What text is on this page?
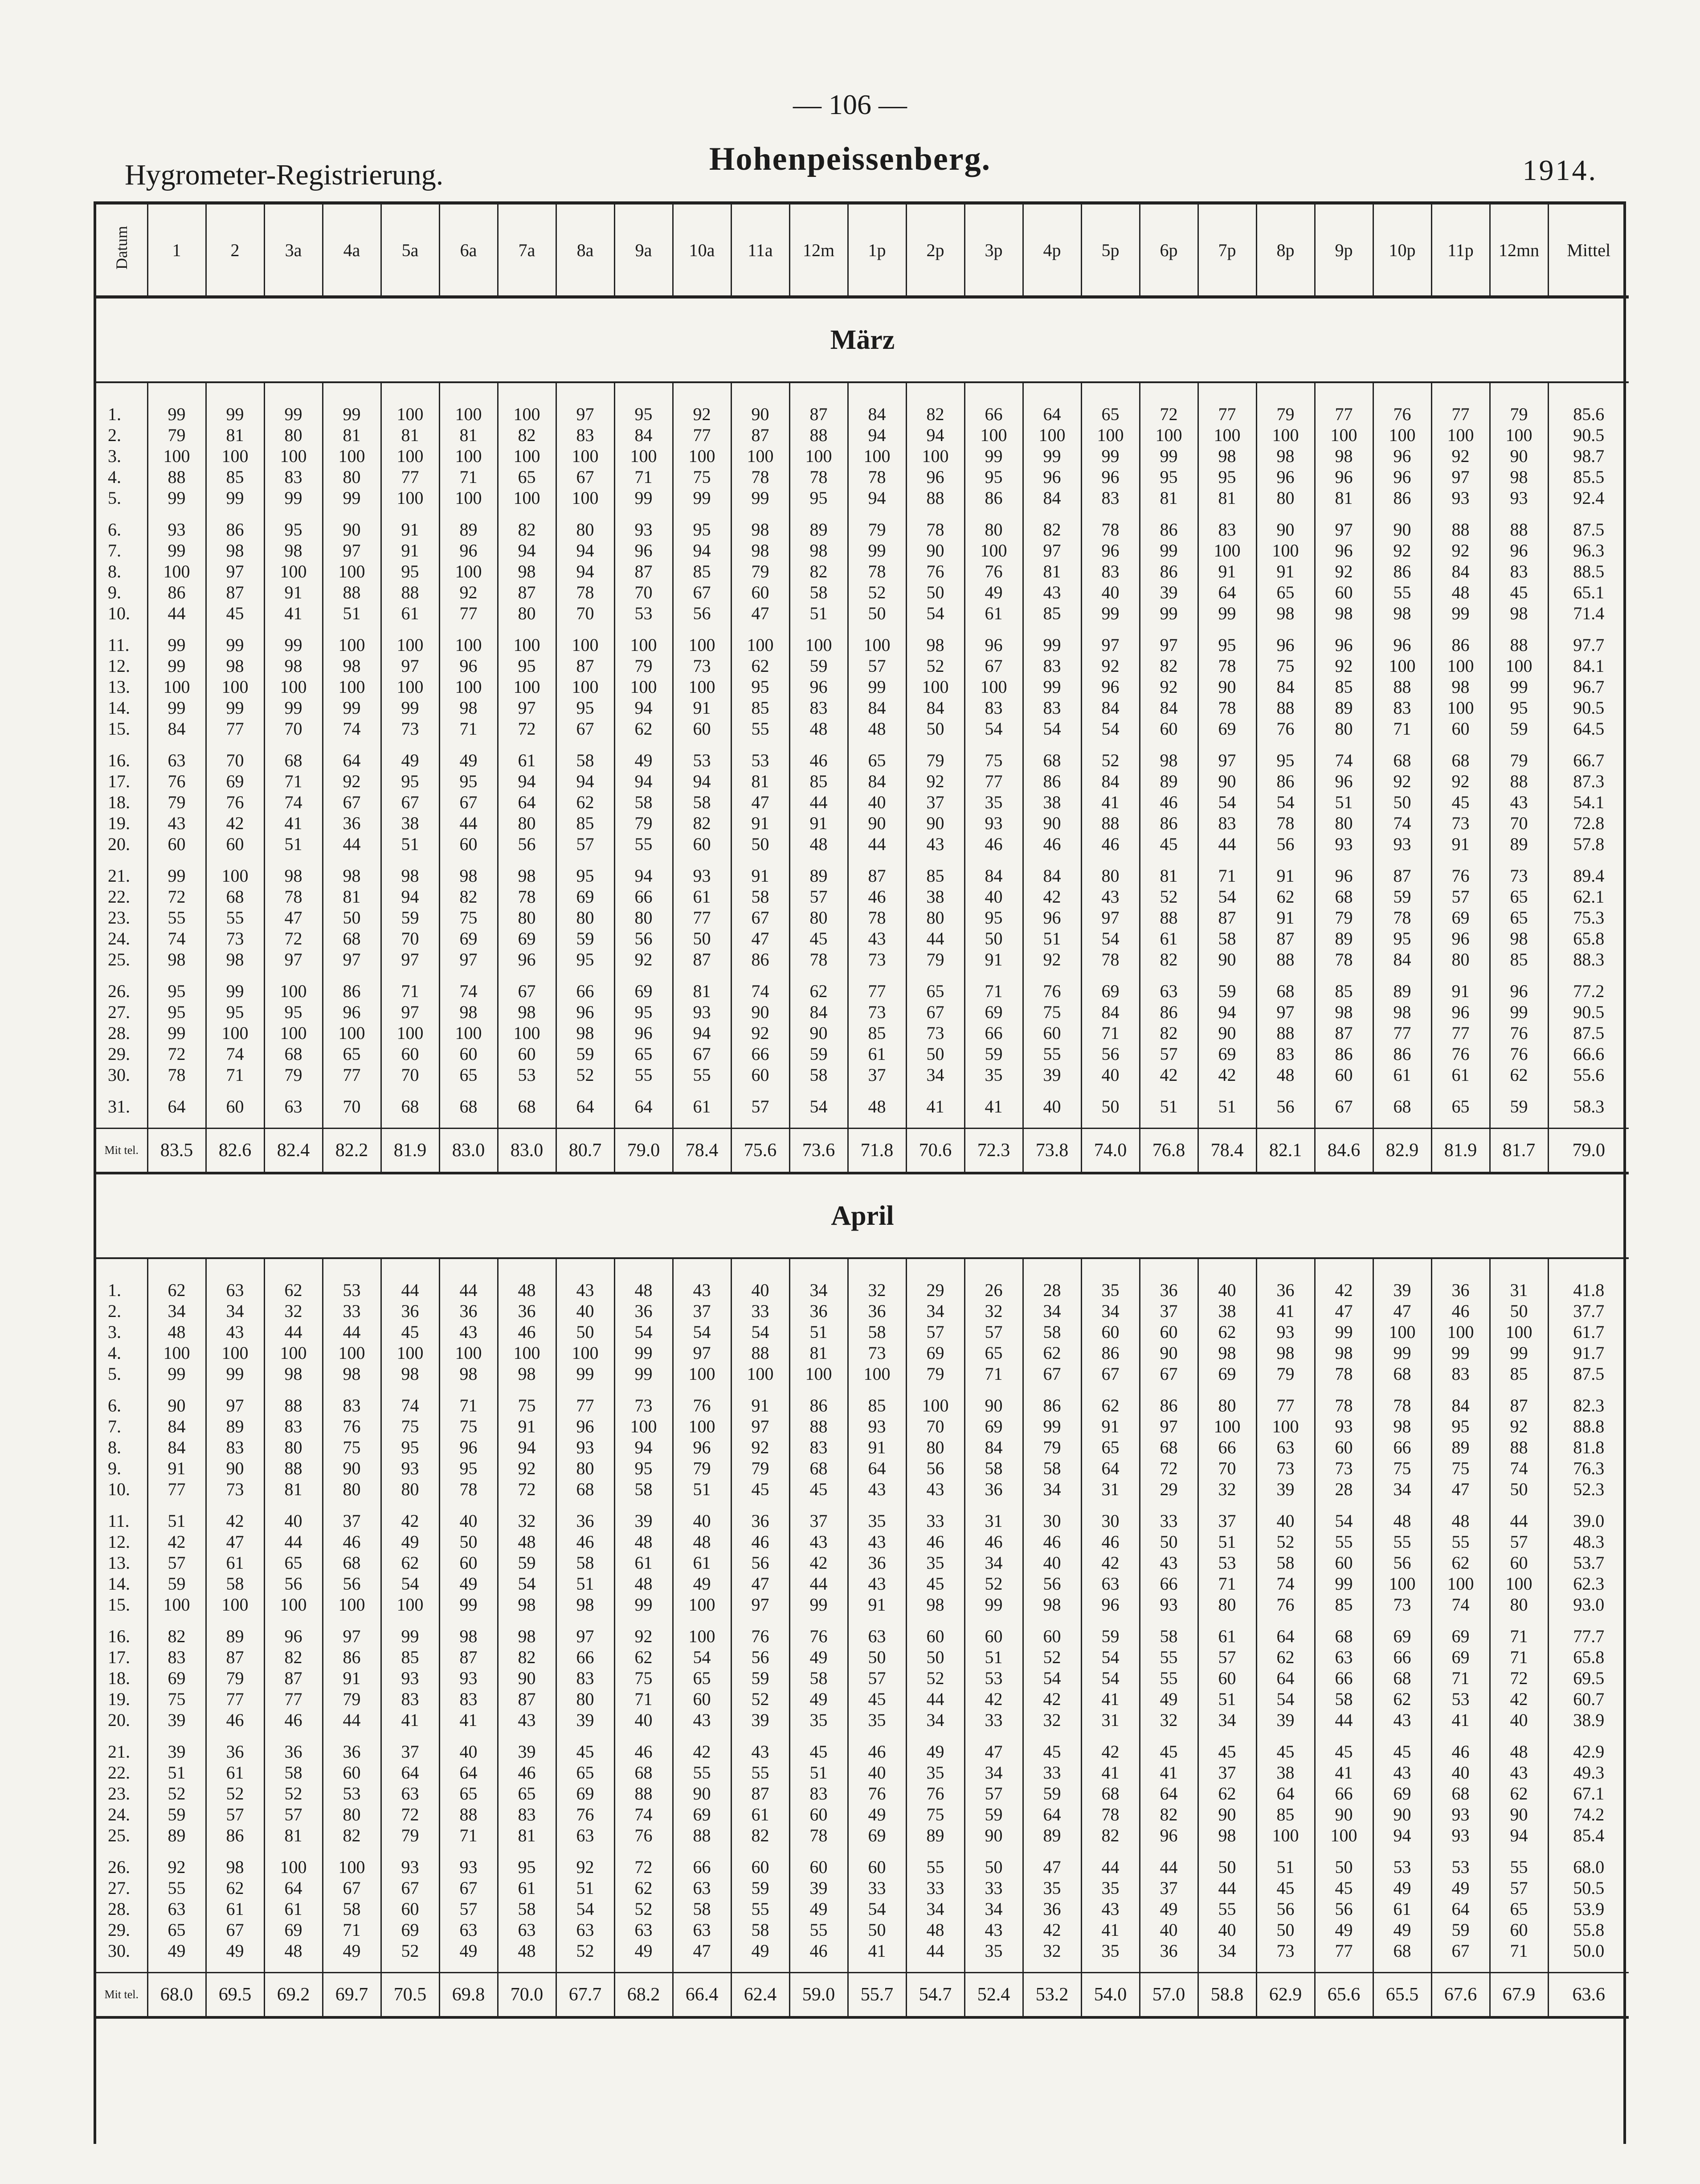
— 106 —
Hygrometer-Registrierung.	Hohenpeissenberg.	1914.
Datum	1	2	3a	4a	5a	6a	7a	8a	9a	10a	11a	12m	1p	2p	3p	4p	5p	6p	7p	8p	9p	10p	11p	12mn	Mittel
März																									

1.	99	99	99	99	100	100	100	97	95	92	90	87	84	82	66	64	65	72	77	79	77	76	77	79	85.6
2.	79	81	80	81	81	81	82	83	84	77	87	88	94	94	100	100	100	100	100	100	100	100	100	100	90.5
3.	100	100	100	100	100	100	100	100	100	100	100	100	100	100	99	99	99	99	98	98	98	96	92	90	98.7
4.	88	85	83	80	77	71	65	67	71	75	78	78	78	96	95	96	96	95	95	96	96	96	97	98	85.5
5.	99	99	99	99	100	100	100	100	99	99	99	95	94	88	86	84	83	81	81	80	81	86	93	93	92.4

6.	93	86	95	90	91	89	82	80	93	95	98	89	79	78	80	82	78	86	83	90	97	90	88	88	87.5
7.	99	98	98	97	91	96	94	94	96	94	98	98	99	90	100	97	96	99	100	100	96	92	92	96	96.3
8.	100	97	100	100	95	100	98	94	87	85	79	82	78	76	76	81	83	86	91	91	92	86	84	83	88.5
9.	86	87	91	88	88	92	87	78	70	67	60	58	52	50	49	43	40	39	64	65	60	55	48	45	65.1
10.	44	45	41	51	61	77	80	70	53	56	47	51	50	54	61	85	99	99	99	98	98	98	99	98	71.4

11.	99	99	99	100	100	100	100	100	100	100	100	100	100	98	96	99	97	97	95	96	96	96	86	88	97.7
12.	99	98	98	98	97	96	95	87	79	73	62	59	57	52	67	83	92	82	78	75	92	100	100	100	84.1
13.	100	100	100	100	100	100	100	100	100	100	95	96	99	100	100	99	96	92	90	84	85	88	98	99	96.7
14.	99	99	99	99	99	98	97	95	94	91	85	83	84	84	83	83	84	84	78	88	89	83	100	95	90.5
15.	84	77	70	74	73	71	72	67	62	60	55	48	48	50	54	54	54	60	69	76	80	71	60	59	64.5

16.	63	70	68	64	49	49	61	58	49	53	53	46	65	79	75	68	52	98	97	95	74	68	68	79	66.7
17.	76	69	71	92	95	95	94	94	94	94	81	85	84	92	77	86	84	89	90	86	96	92	92	88	87.3
18.	79	76	74	67	67	67	64	62	58	58	47	44	40	37	35	38	41	46	54	54	51	50	45	43	54.1
19.	43	42	41	36	38	44	80	85	79	82	91	91	90	90	93	90	88	86	83	78	80	74	73	70	72.8
20.	60	60	51	44	51	60	56	57	55	60	50	48	44	43	46	46	46	45	44	56	93	93	91	89	57.8

21.	99	100	98	98	98	98	98	95	94	93	91	89	87	85	84	84	80	81	71	91	96	87	76	73	89.4
22.	72	68	78	81	94	82	78	69	66	61	58	57	46	38	40	42	43	52	54	62	68	59	57	65	62.1
23.	55	55	47	50	59	75	80	80	80	77	67	80	78	80	95	96	97	88	87	91	79	78	69	65	75.3
24.	74	73	72	68	70	69	69	59	56	50	47	45	43	44	50	51	54	61	58	87	89	95	96	98	65.8
25.	98	98	97	97	97	97	96	95	92	87	86	78	73	79	91	92	78	82	90	88	78	84	80	85	88.3

26.	95	99	100	86	71	74	67	66	69	81	74	62	77	65	71	76	69	63	59	68	85	89	91	96	77.2
27.	95	95	95	96	97	98	98	96	95	93	90	84	73	67	69	75	84	86	94	97	98	98	96	99	90.5
28.	99	100	100	100	100	100	100	98	96	94	92	90	85	73	66	60	71	82	90	88	87	77	77	76	87.5
29.	72	74	68	65	60	60	60	59	65	67	66	59	61	50	59	55	56	57	69	83	86	86	76	76	66.6
30.	78	71	79	77	70	65	53	52	55	55	60	58	37	34	35	39	40	42	42	48	60	61	61	62	55.6

31.	64	60	63	70	68	68	68	64	64	61	57	54	48	41	41	40	50	51	51	56	67	68	65	59	58.3

Mit tel.	83.5	82.6	82.4	82.2	81.9	83.0	83.0	80.7	79.0	78.4	75.6	73.6	71.8	70.6	72.3	73.8	74.0	76.8	78.4	82.1	84.6	82.9	81.9	81.7	79.0
April																									

1.	62	63	62	53	44	44	48	43	48	43	40	34	32	29	26	28	35	36	40	36	42	39	36	31	41.8
2.	34	34	32	33	36	36	36	40	36	37	33	36	36	34	32	34	34	37	38	41	47	47	46	50	37.7
3.	48	43	44	44	45	43	46	50	54	54	54	51	58	57	57	58	60	60	62	93	99	100	100	100	61.7
4.	100	100	100	100	100	100	100	100	99	97	88	81	73	69	65	62	86	90	98	98	98	99	99	99	91.7
5.	99	99	98	98	98	98	98	99	99	100	100	100	100	79	71	67	67	67	69	79	78	68	83	85	87.5

6.	90	97	88	83	74	71	75	77	73	76	91	86	85	100	90	86	62	86	80	77	78	78	84	87	82.3
7.	84	89	83	76	75	75	91	96	100	100	97	88	93	70	69	99	91	97	100	100	93	98	95	92	88.8
8.	84	83	80	75	95	96	94	93	94	96	92	83	91	80	84	79	65	68	66	63	60	66	89	88	81.8
9.	91	90	88	90	93	95	92	80	95	79	79	68	64	56	58	58	64	72	70	73	73	75	75	74	76.3
10.	77	73	81	80	80	78	72	68	58	51	45	45	43	43	36	34	31	29	32	39	28	34	47	50	52.3

11.	51	42	40	37	42	40	32	36	39	40	36	37	35	33	31	30	30	33	37	40	54	48	48	44	39.0
12.	42	47	44	46	49	50	48	46	48	48	46	43	43	46	46	46	46	50	51	52	55	55	55	57	48.3
13.	57	61	65	68	62	60	59	58	61	61	56	42	36	35	34	40	42	43	53	58	60	56	62	60	53.7
14.	59	58	56	56	54	49	54	51	48	49	47	44	43	45	52	56	63	66	71	74	99	100	100	100	62.3
15.	100	100	100	100	100	99	98	98	99	100	97	99	91	98	99	98	96	93	80	76	85	73	74	80	93.0

16.	82	89	96	97	99	98	98	97	92	100	76	76	63	60	60	60	59	58	61	64	68	69	69	71	77.7
17.	83	87	82	86	85	87	82	66	62	54	56	49	50	50	51	52	54	55	57	62	63	66	69	71	65.8
18.	69	79	87	91	93	93	90	83	75	65	59	58	57	52	53	54	54	55	60	64	66	68	71	72	69.5
19.	75	77	77	79	83	83	87	80	71	60	52	49	45	44	42	42	41	49	51	54	58	62	53	42	60.7
20.	39	46	46	44	41	41	43	39	40	43	39	35	35	34	33	32	31	32	34	39	44	43	41	40	38.9

21.	39	36	36	36	37	40	39	45	46	42	43	45	46	49	47	45	42	45	45	45	45	45	46	48	42.9
22.	51	61	58	60	64	64	46	65	68	55	55	51	40	35	34	33	41	41	37	38	41	43	40	43	49.3
23.	52	52	52	53	63	65	65	69	88	90	87	83	76	76	57	59	68	64	62	64	66	69	68	62	67.1
24.	59	57	57	80	72	88	83	76	74	69	61	60	49	75	59	64	78	82	90	85	90	90	93	90	74.2
25.	89	86	81	82	79	71	81	63	76	88	82	78	69	89	90	89	82	96	98	100	100	94	93	94	85.4

26.	92	98	100	100	93	93	95	92	72	66	60	60	60	55	50	47	44	44	50	51	50	53	53	55	68.0
27.	55	62	64	67	67	67	61	51	62	63	59	39	33	33	33	35	35	37	44	45	45	49	49	57	50.5
28.	63	61	61	58	60	57	58	54	52	58	55	49	54	34	34	36	43	49	55	56	56	61	64	65	53.9
29.	65	67	69	71	69	63	63	63	63	63	58	55	50	48	43	42	41	40	40	50	49	49	59	60	55.8
30.	49	49	48	49	52	49	48	52	49	47	49	46	41	44	35	32	35	36	34	73	77	68	67	71	50.0

Mit tel.	68.0	69.5	69.2	69.7	70.5	69.8	70.0	67.7	68.2	66.4	62.4	59.0	55.7	54.7	52.4	53.2	54.0	57.0	58.8	62.9	65.6	65.5	67.6	67.9	63.6
